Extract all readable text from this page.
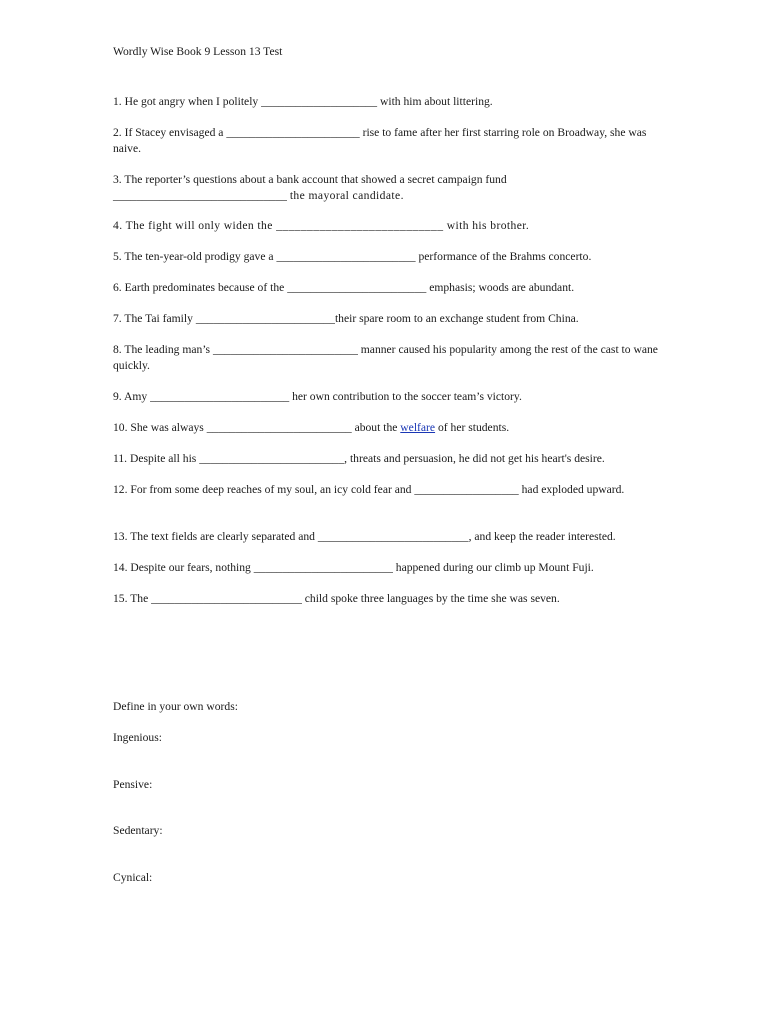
Wordly Wise Book 9 Lesson 13 Test
1. He got angry when I politely ____________________ with him about littering.
2. If Stacey envisaged a _______________________ rise to fame after her first starring role on Broadway, she was naive.
3. The reporter’s questions about a bank account that showed a secret campaign fund
______________________________ the mayoral candidate.
4. The fight will only widen the ___________________________ with his brother.
5. The ten-year-old prodigy gave a ________________________ performance of the Brahms concerto.
6. Earth predominates because of the ________________________ emphasis; woods are abundant.
7. The Tai family ________________________their spare room to an exchange student from China.
8. The leading man’s _________________________ manner caused his popularity among the rest of the cast to wane quickly.
9. Amy ________________________ her own contribution to the soccer team’s victory.
10. She was always _________________________ about the welfare of her students.
11. Despite all his _________________________, threats and persuasion, he did not get his heart's desire.
12. For from some deep reaches of my soul, an icy cold fear and __________________ had exploded upward.
13. The text fields are clearly separated and __________________________, and keep the reader interested.
14. Despite our fears, nothing ________________________ happened during our climb up Mount Fuji.
15. The __________________________ child spoke three languages by the time she was seven.
Define in your own words:
Ingenious:
Pensive:
Sedentary:
Cynical:
